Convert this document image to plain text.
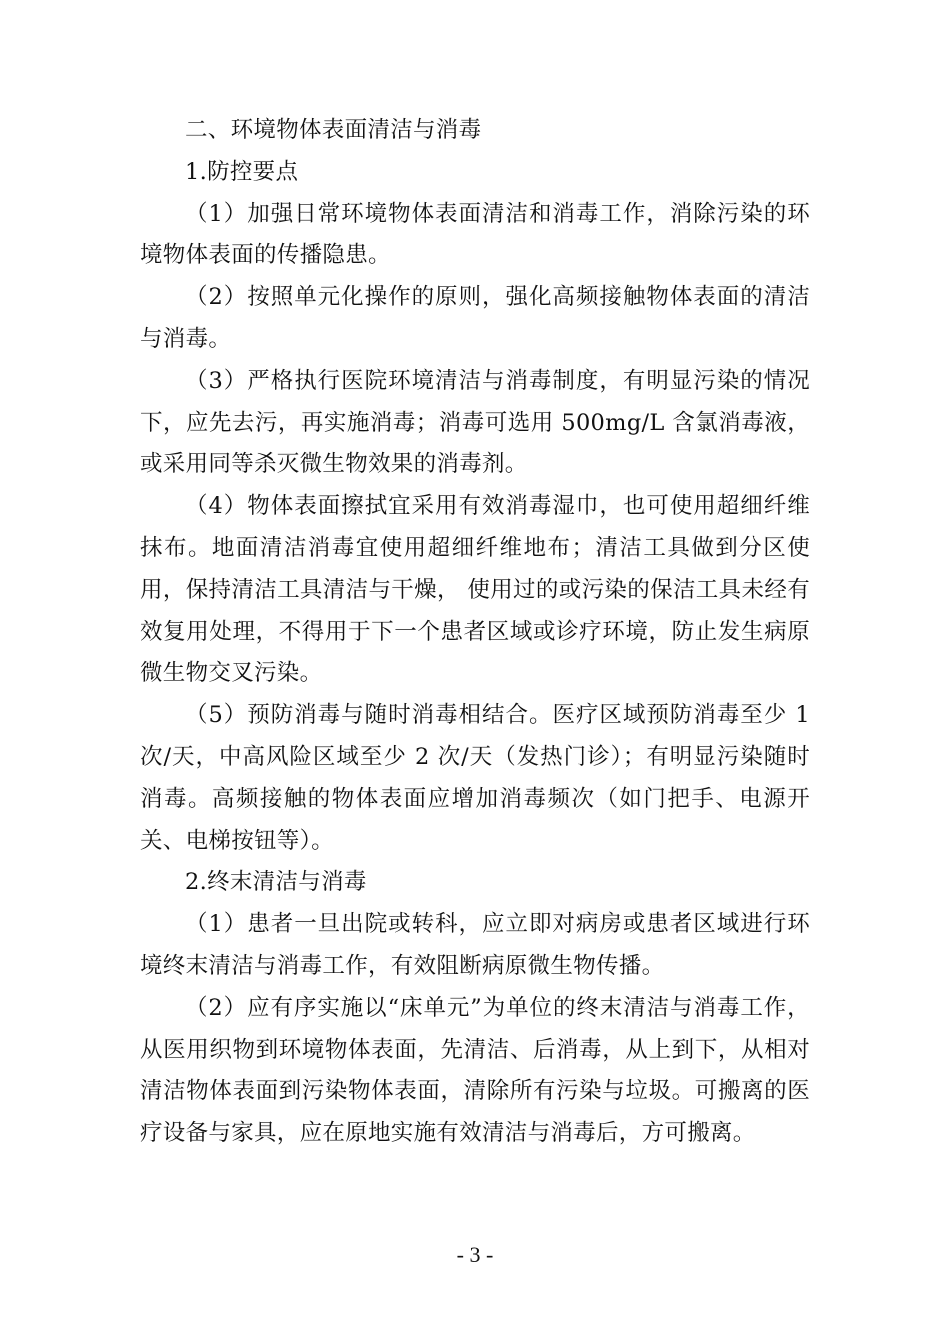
二、环境物体表面清洁与消毒

1.防控要点

（1）加强日常环境物体表面清洁和消毒工作，消除污染的环境物体表面的传播隐患。

（2）按照单元化操作的原则，强化高频接触物体表面的清洁与消毒。

（3）严格执行医院环境清洁与消毒制度，有明显污染的情况下，应先去污，再实施消毒；消毒可选用 500mg/L 含氯消毒液，或采用同等杀灭微生物效果的消毒剂。

（4）物体表面擦拭宜采用有效消毒湿巾，也可使用超细纤维抹布。地面清洁消毒宜使用超细纤维地布；清洁工具做到分区使用，保持清洁工具清洁与干燥， 使用过的或污染的保洁工具未经有效复用处理，不得用于下一个患者区域或诊疗环境，防止发生病原微生物交叉污染。

（5）预防消毒与随时消毒相结合。医疗区域预防消毒至少 1 次/天，中高风险区域至少 2 次/天（发热门诊）；有明显污染随时消毒。高频接触的物体表面应增加消毒频次（如门把手、电源开关、电梯按钮等）。

2.终末清洁与消毒

（1）患者一旦出院或转科，应立即对病房或患者区域进行环境终末清洁与消毒工作，有效阻断病原微生物传播。

（2）应有序实施以“床单元”为单位的终末清洁与消毒工作，从医用织物到环境物体表面，先清洁、后消毒，从上到下，从相对清洁物体表面到污染物体表面，清除所有污染与垃圾。可搬离的医疗设备与家具，应在原地实施有效清洁与消毒后，方可搬离。

- 3 -
